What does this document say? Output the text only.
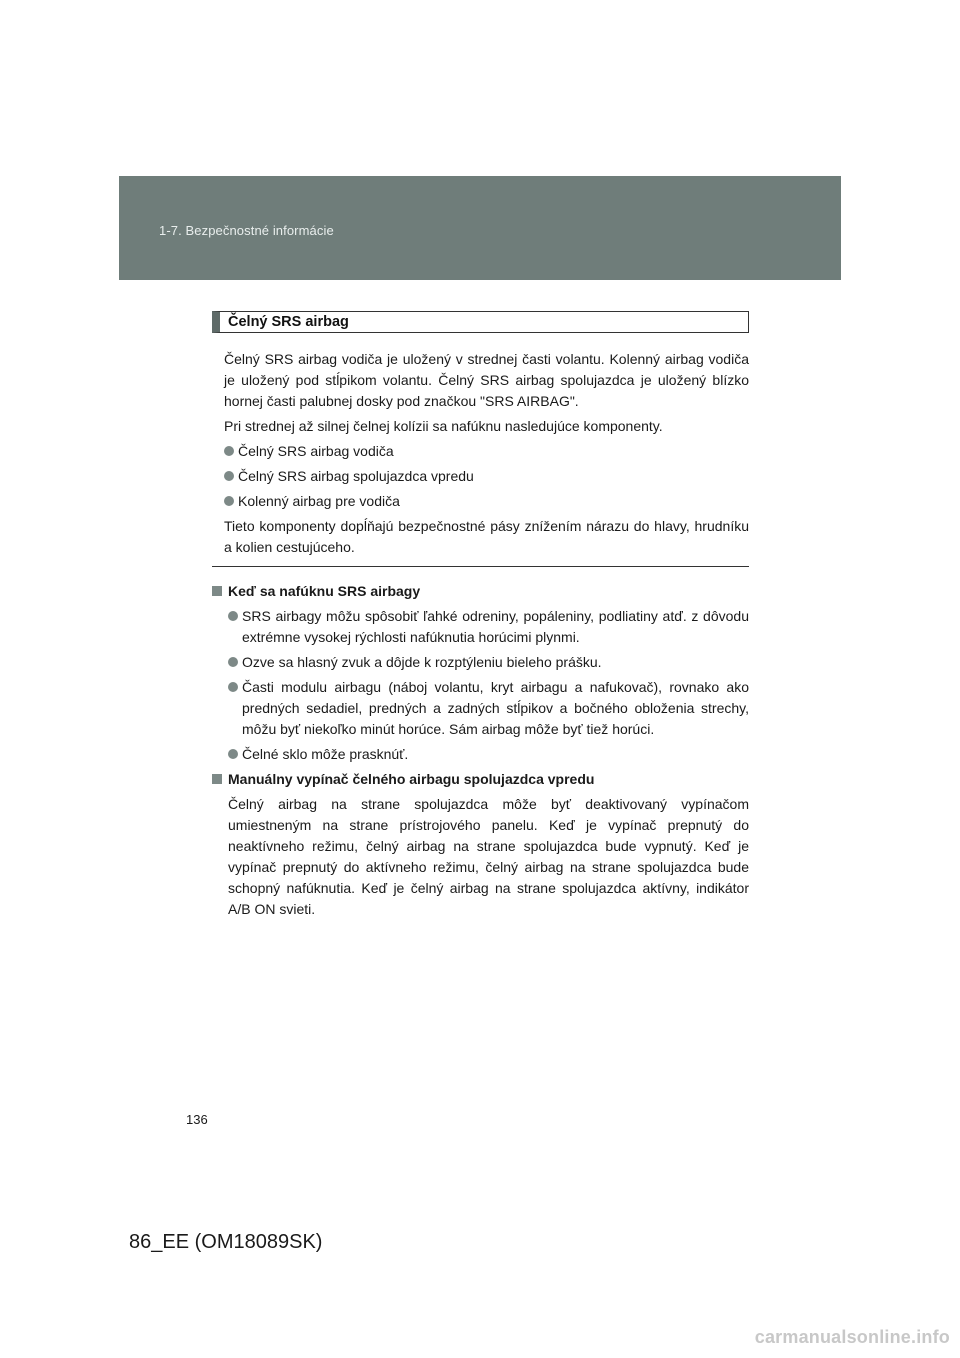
1-7. Bezpečnostné informácie
Čelný SRS airbag

Čelný SRS airbag vodiča je uložený v strednej časti volantu. Kolenný airbag vodiča je uložený pod stĺpikom volantu. Čelný SRS airbag spolujazdca je uložený blízko hornej časti palubnej dosky pod značkou "SRS AIRBAG".

Pri strednej až silnej čelnej kolízii sa nafúknu nasledujúce komponenty.

Čelný SRS airbag vodiča
Čelný SRS airbag spolujazdca vpredu
Kolenný airbag pre vodiča

Tieto komponenty dopĺňajú bezpečnostné pásy znížením nárazu do hlavy, hrudníku a kolien cestujúceho.

Keď sa nafúknu SRS airbagy
SRS airbagy môžu spôsobiť ľahké odreniny, popáleniny, podliatiny atď. z dôvodu extrémne vysokej rýchlosti nafúknutia horúcimi plynmi.
Ozve sa hlasný zvuk a dôjde k rozptýleniu bieleho prášku.
Časti modulu airbagu (náboj volantu, kryt airbagu a nafukovač), rovnako ako predných sedadiel, predných a zadných stĺpikov a bočného obloženia strechy, môžu byť niekoľko minút horúce. Sám airbag môže byť tiež horúci.
Čelné sklo môže prasknúť.
Manuálny vypínač čelného airbagu spolujazdca vpredu

Čelný airbag na strane spolujazdca môže byť deaktivovaný vypínačom umiestneným na strane prístrojového panelu. Keď je vypínač prepnutý do neaktívneho režimu, čelný airbag na strane spolujazdca bude vypnutý. Keď je vypínač prepnutý do aktívneho režimu, čelný airbag na strane spolujazdca bude schopný nafúknutia. Keď je čelný airbag na strane spolujazdca aktívny, indikátor A/B ON svieti.

136
86_EE (OM18089SK)
carmanualsonline.info
